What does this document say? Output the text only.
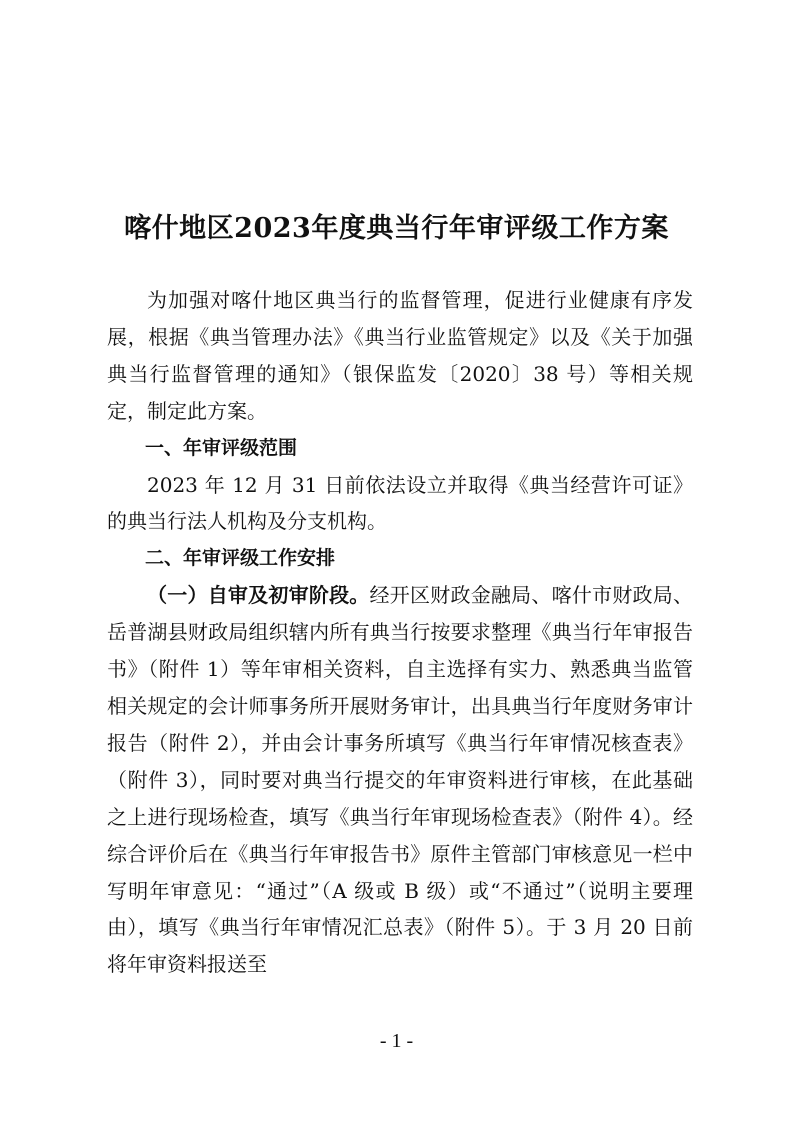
喀什地区2023年度典当行年审评级工作方案

为加强对喀什地区典当行的监督管理，促进行业健康有序发展，根据《典当管理办法》《典当行业监管规定》以及《关于加强典当行监督管理的通知》（银保监发〔2020〕38 号）等相关规定，制定此方案。

一、年审评级范围

2023 年 12 月 31 日前依法设立并取得《典当经营许可证》的典当行法人机构及分支机构。

二、年审评级工作安排

（一）自审及初审阶段。经开区财政金融局、喀什市财政局、岳普湖县财政局组织辖内所有典当行按要求整理《典当行年审报告书》（附件 1）等年审相关资料，自主选择有实力、熟悉典当监管相关规定的会计师事务所开展财务审计，出具典当行年度财务审计报告（附件 2），并由会计事务所填写《典当行年审情况核查表》（附件 3），同时要对典当行提交的年审资料进行审核，在此基础之上进行现场检查，填写《典当行年审现场检查表》（附件 4）。经综合评价后在《典当行年审报告书》原件主管部门审核意见一栏中写明年审意见：“通过”（A 级或 B 级）或“不通过”（说明主要理由），填写《典当行年审情况汇总表》（附件 5）。于 3 月 20 日前将年审资料报送至

- 1 -
